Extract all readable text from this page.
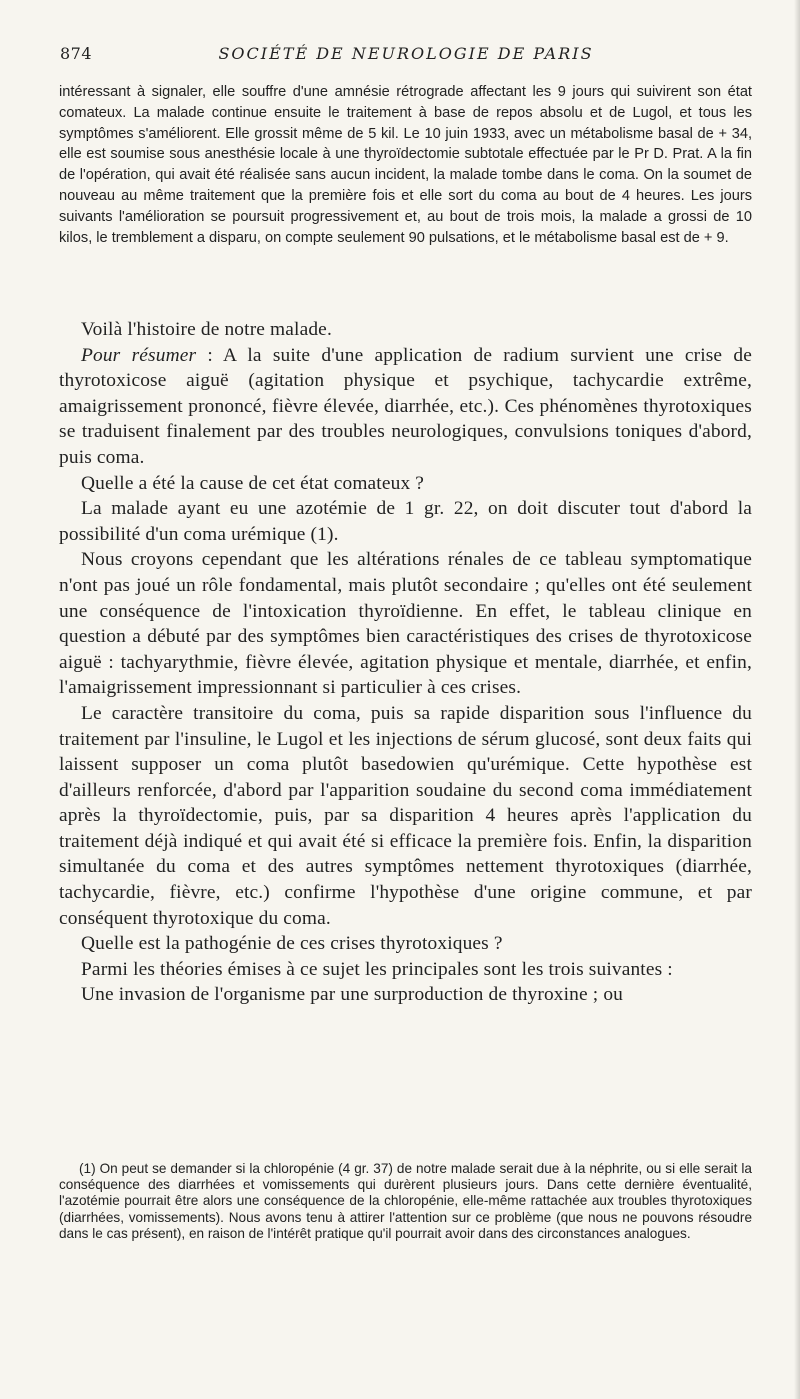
874	SOCIÉTÉ DE NEUROLOGIE DE PARIS
intéressant à signaler, elle souffre d'une amnésie rétrograde affectant les 9 jours qui suivirent son état comateux. La malade continue ensuite le traitement à base de repos absolu et de Lugol, et tous les symptômes s'améliorent. Elle grossit même de 5 kil. Le 10 juin 1933, avec un métabolisme basal de + 34, elle est soumise sous anesthésie locale à une thyroïdectomie subtotale effectuée par le Pr D. Prat. A la fin de l'opération, qui avait été réalisée sans aucun incident, la malade tombe dans le coma. On la soumet de nouveau au même traitement que la première fois et elle sort du coma au bout de 4 heures. Les jours suivants l'amélioration se poursuit progressivement et, au bout de trois mois, la malade a grossi de 10 kilos, le tremblement a disparu, on compte seulement 90 pulsations, et le métabolisme basal est de + 9.

Voilà l'histoire de notre malade.

Pour résumer : A la suite d'une application de radium survient une crise de thyrotoxicose aiguë (agitation physique et psychique, tachycardie extrême, amaigrissement prononcé, fièvre élevée, diarrhée, etc.). Ces phénomènes thyrotoxiques se traduisent finalement par des troubles neurologiques, convulsions toniques d'abord, puis coma.

Quelle a été la cause de cet état comateux ?

La malade ayant eu une azotémie de 1 gr. 22, on doit discuter tout d'abord la possibilité d'un coma urémique (1).

Nous croyons cependant que les altérations rénales de ce tableau symptomatique n'ont pas joué un rôle fondamental, mais plutôt secondaire ; qu'elles ont été seulement une conséquence de l'intoxication thyroïdienne. En effet, le tableau clinique en question a débuté par des symptômes bien caractéristiques des crises de thyrotoxicose aiguë : tachyarythmie, fièvre élevée, agitation physique et mentale, diarrhée, et enfin, l'amaigrissement impressionnant si particulier à ces crises.

Le caractère transitoire du coma, puis sa rapide disparition sous l'influence du traitement par l'insuline, le Lugol et les injections de sérum glucosé, sont deux faits qui laissent supposer un coma plutôt basedowien qu'urémique. Cette hypothèse est d'ailleurs renforcée, d'abord par l'apparition soudaine du second coma immédiatement après la thyroïdectomie, puis, par sa disparition 4 heures après l'application du traitement déjà indiqué et qui avait été si efficace la première fois. Enfin, la disparition simultanée du coma et des autres symptômes nettement thyrotoxiques (diarrhée, tachycardie, fièvre, etc.) confirme l'hypothèse d'une origine commune, et par conséquent thyrotoxique du coma.

Quelle est la pathogénie de ces crises thyrotoxiques ?

Parmi les théories émises à ce sujet les principales sont les trois suivantes :

Une invasion de l'organisme par une surproduction de thyroxine ; ou

(1) On peut se demander si la chloropénie (4 gr. 37) de notre malade serait due à la néphrite, ou si elle serait la conséquence des diarrhées et vomissements qui durèrent plusieurs jours. Dans cette dernière éventualité, l'azotémie pourrait être alors une conséquence de la chloropénie, elle-même rattachée aux troubles thyrotoxiques (diarrhées, vomissements). Nous avons tenu à attirer l'attention sur ce problème (que nous ne pouvons résoudre dans le cas présent), en raison de l'intérêt pratique qu'il pourrait avoir dans des circonstances analogues.
